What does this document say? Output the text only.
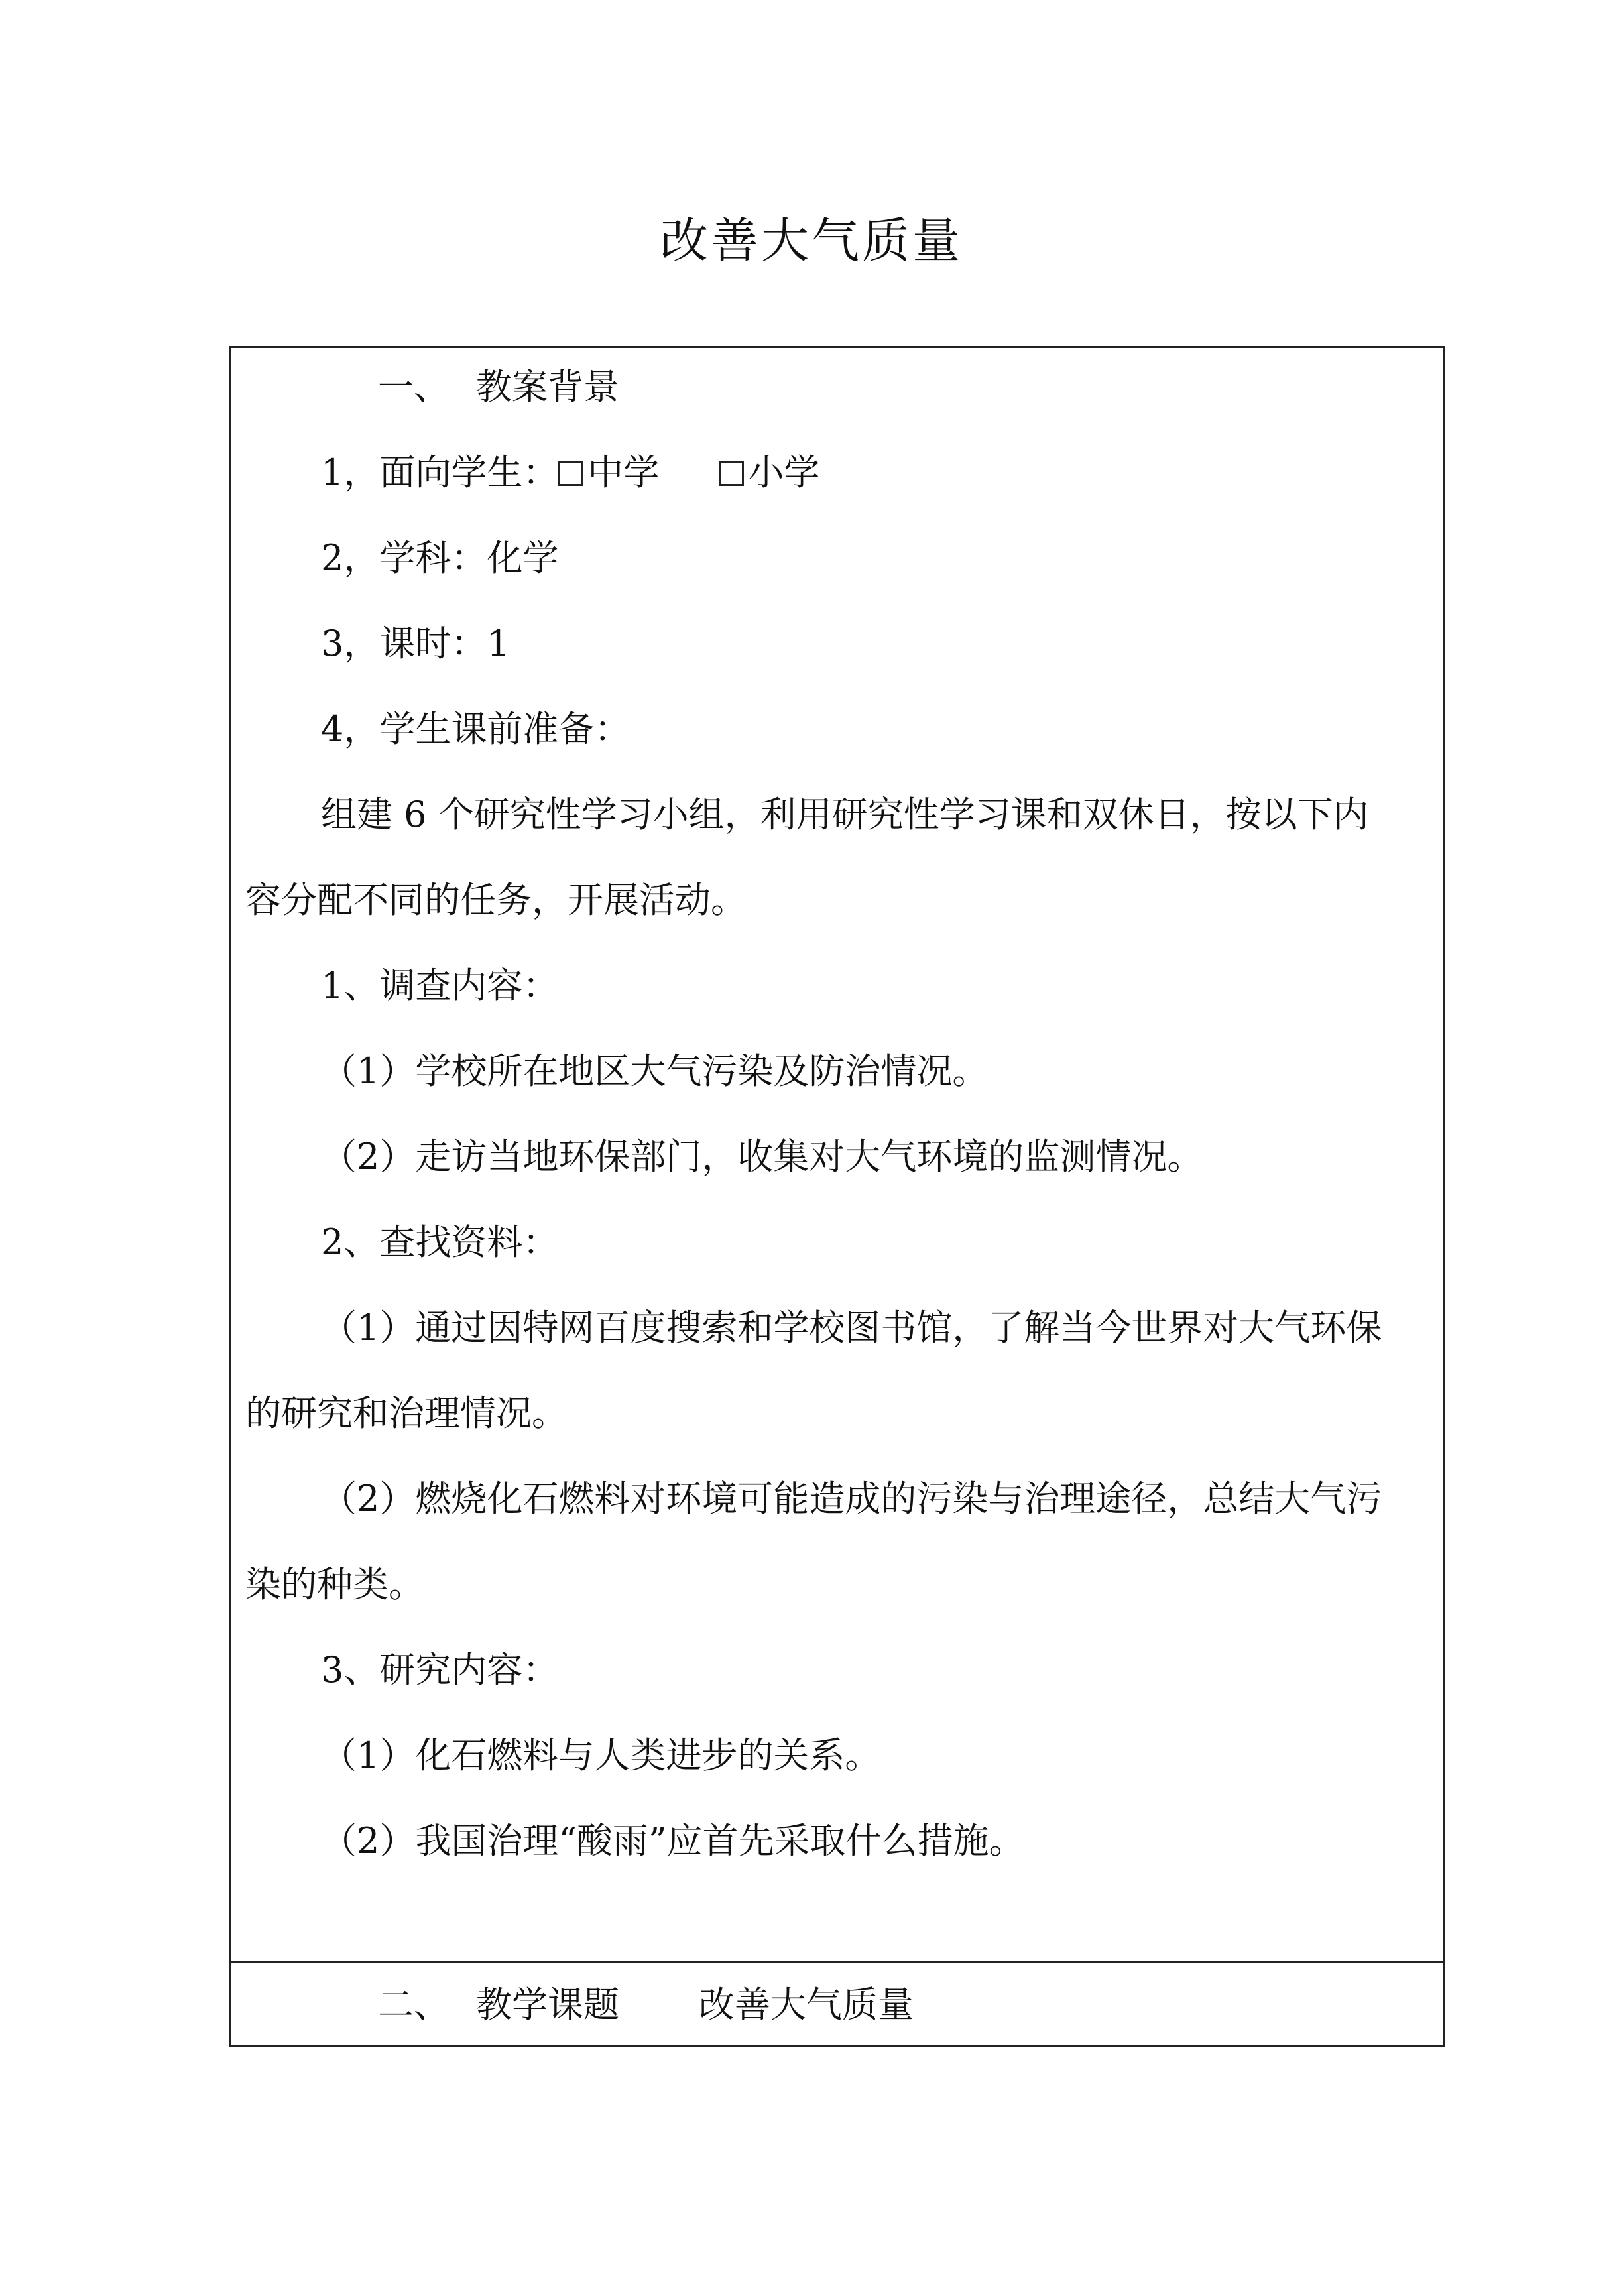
改善大气质量

一、 教案背景

1，面向学生： 中学 小学

2，学科：化学

3，课时：1

4，学生课前准备：

组建 6 个研究性学习小组，利用研究性学习课和双休日，按以下内

容分配不同的任务，开展活动。

1、调查内容：

（1）学校所在地区大气污染及防治情况。

（2）走访当地环保部门，收集对大气环境的监测情况。

2、查找资料：

（1）通过因特网百度搜索和学校图书馆，了解当今世界对大气环保

的研究和治理情况。

（2）燃烧化石燃料对环境可能造成的污染与治理途径，总结大气污

染的种类。

3、研究内容：

（1）化石燃料与人类进步的关系。

（2）我国治理“酸雨”应首先采取什么措施。

二、 教学课题 改善大气质量
